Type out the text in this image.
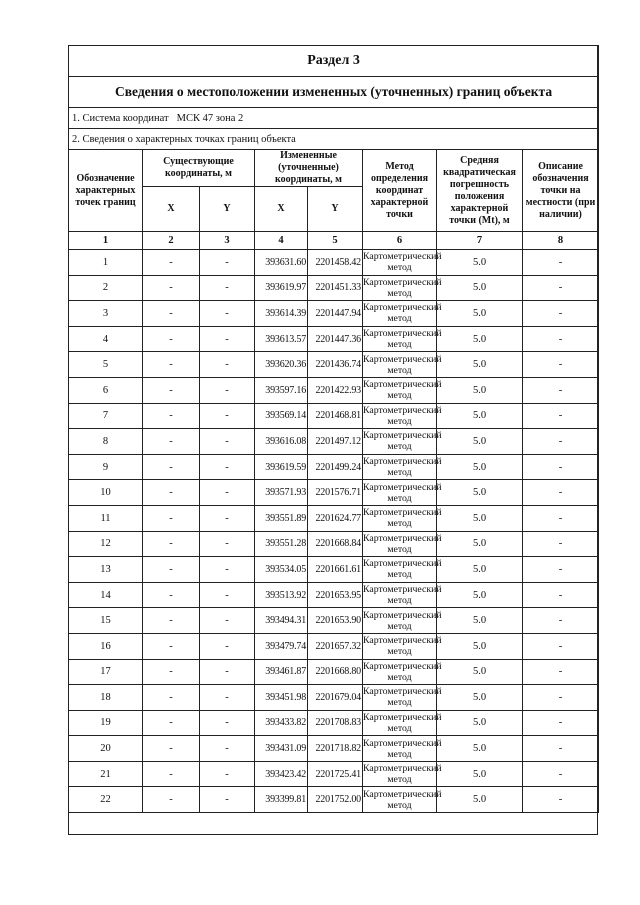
Раздел 3							
Сведения о местоположении измененных (уточненных) границ объекта							
1. Система координат МСК 47 зона 2							
2. Сведения о характерных точках границ объекта							
Обозначение характерных точек границ	Существующие координаты, м		Измененные (уточненные) координаты, м		Метод определения координат характерной точки	Средняя квадратическая погрешность положения характерной точки (Mt), м	Описание обозначения точки на местности (при наличии)
	X	Y	X	Y			
1	2	3	4	5	6	7	8
1	-	-	393631.60	2201458.42	Картометрический метод	5.0	-
2	-	-	393619.97	2201451.33	Картометрический метод	5.0	-
3	-	-	393614.39	2201447.94	Картометрический метод	5.0	-
4	-	-	393613.57	2201447.36	Картометрический метод	5.0	-
5	-	-	393620.36	2201436.74	Картометрический метод	5.0	-
6	-	-	393597.16	2201422.93	Картометрический метод	5.0	-
7	-	-	393569.14	2201468.81	Картометрический метод	5.0	-
8	-	-	393616.08	2201497.12	Картометрический метод	5.0	-
9	-	-	393619.59	2201499.24	Картометрический метод	5.0	-
10	-	-	393571.93	2201576.71	Картометрический метод	5.0	-
11	-	-	393551.89	2201624.77	Картометрический метод	5.0	-
12	-	-	393551.28	2201668.84	Картометрический метод	5.0	-
13	-	-	393534.05	2201661.61	Картометрический метод	5.0	-
14	-	-	393513.92	2201653.95	Картометрический метод	5.0	-
15	-	-	393494.31	2201653.90	Картометрический метод	5.0	-
16	-	-	393479.74	2201657.32	Картометрический метод	5.0	-
17	-	-	393461.87	2201668.80	Картометрический метод	5.0	-
18	-	-	393451.98	2201679.04	Картометрический метод	5.0	-
19	-	-	393433.82	2201708.83	Картометрический метод	5.0	-
20	-	-	393431.09	2201718.82	Картометрический метод	5.0	-
21	-	-	393423.42	2201725.41	Картометрический метод	5.0	-
22	-	-	393399.81	2201752.00	Картометрический метод	5.0	-
